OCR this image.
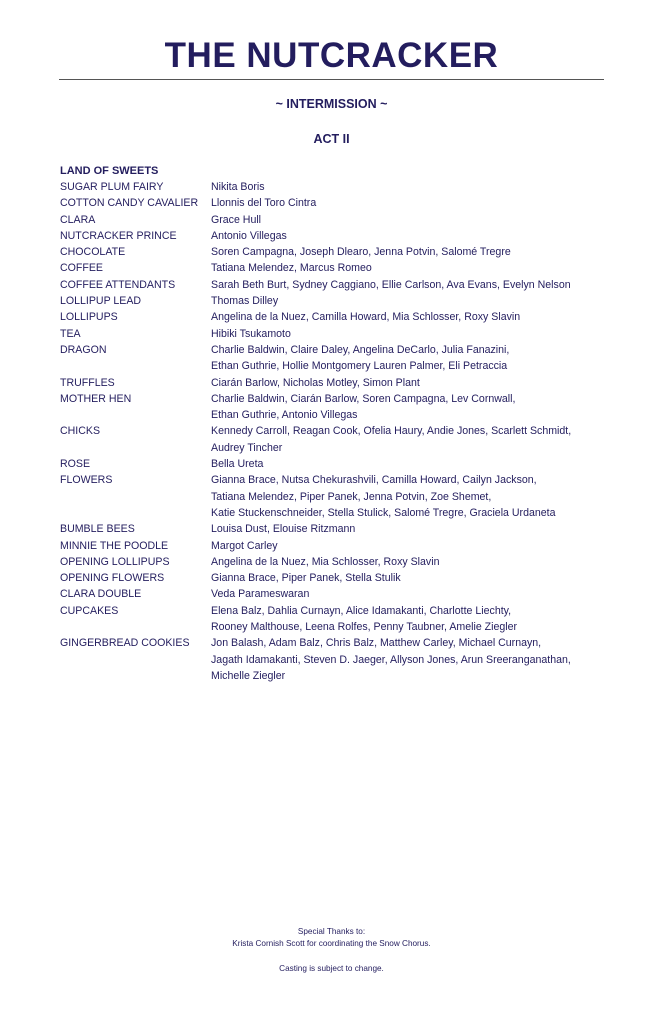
THE NUTCRACKER
~ INTERMISSION ~
ACT II
LAND OF SWEETS
SUGAR PLUM FAIRY	Nikita Boris
COTTON CANDY CAVALIER	Llonnis del Toro Cintra
CLARA	Grace Hull
NUTCRACKER PRINCE	Antonio Villegas
CHOCOLATE	Soren Campagna, Joseph Dlearo, Jenna Potvin, Salomé Tregre
COFFEE	Tatiana Melendez, Marcus Romeo
COFFEE ATTENDANTS	Sarah Beth Burt, Sydney Caggiano, Ellie Carlson, Ava Evans, Evelyn Nelson
LOLLIPUP LEAD	Thomas Dilley
LOLLIPUPS	Angelina de la Nuez, Camilla Howard, Mia Schlosser, Roxy Slavin
TEA	Hibiki Tsukamoto
DRAGON	Charlie Baldwin, Claire Daley, Angelina DeCarlo, Julia Fanazini,
Ethan Guthrie, Hollie Montgomery Lauren Palmer, Eli Petraccia
TRUFFLES	Ciarán Barlow, Nicholas Motley, Simon Plant
MOTHER HEN	Charlie Baldwin, Ciarán Barlow, Soren Campagna, Lev Cornwall,
Ethan Guthrie, Antonio Villegas
CHICKS	Kennedy Carroll, Reagan Cook, Ofelia Haury, Andie Jones, Scarlett Schmidt,
Audrey Tincher
ROSE	Bella Ureta
FLOWERS	Gianna Brace, Nutsa Chekurashvili, Camilla Howard, Cailyn Jackson,
Tatiana Melendez, Piper Panek, Jenna Potvin, Zoe Shemet,
Katie Stuckenschneider, Stella Stulick, Salomé Tregre, Graciela Urdaneta
BUMBLE BEES	Louisa Dust, Elouise Ritzmann
MINNIE THE POODLE	Margot Carley
OPENING LOLLIPUPS	Angelina de la Nuez, Mia Schlosser, Roxy Slavin
OPENING FLOWERS	Gianna Brace, Piper Panek, Stella Stulik
CLARA DOUBLE	Veda Parameswaran
CUPCAKES	Elena Balz, Dahlia Curnayn, Alice Idamakanti, Charlotte Liechty,
Rooney Malthouse, Leena Rolfes, Penny Taubner, Amelie Ziegler
GINGERBREAD COOKIES	Jon Balash, Adam Balz, Chris Balz, Matthew Carley, Michael Curnayn,
Jagath Idamakanti, Steven D. Jaeger, Allyson Jones, Arun Sreeranganathan,
Michelle Ziegler
Special Thanks to:
Krista Cornish Scott for coordinating the Snow Chorus.
Casting is subject to change.
